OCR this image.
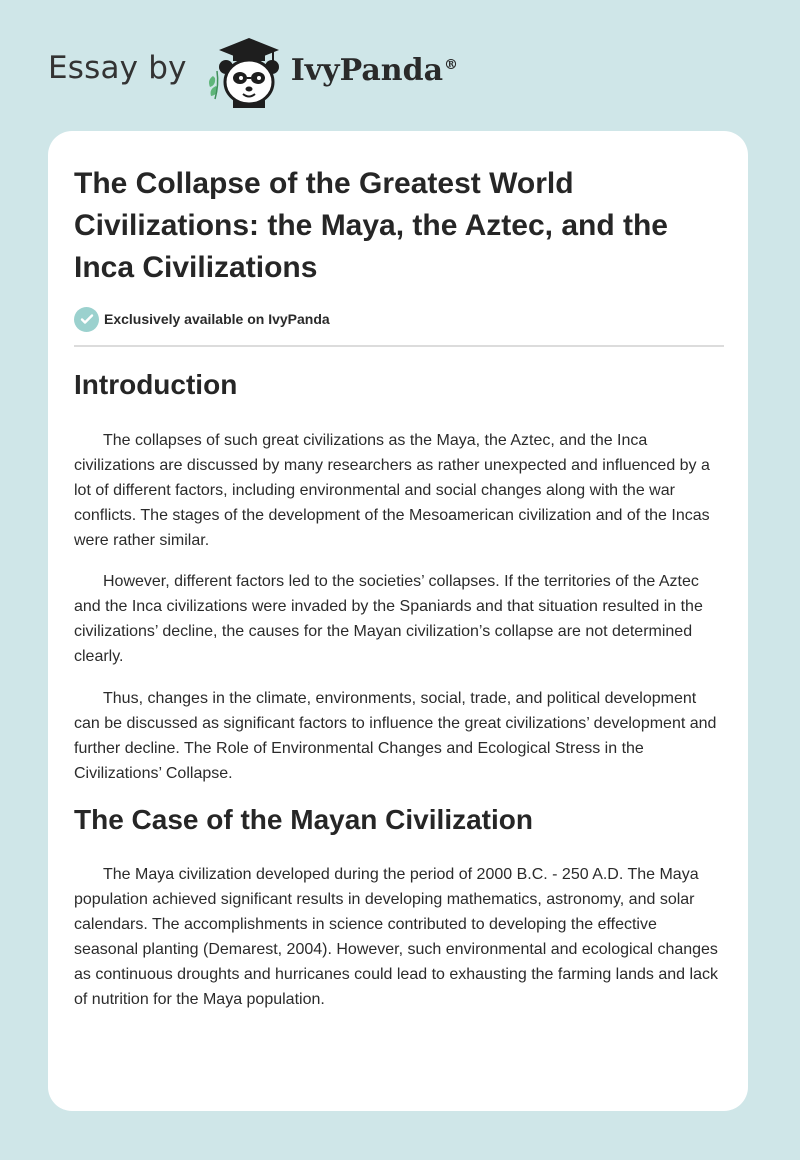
Essay by	IvyPanda®
The Collapse of the Greatest World Civilizations: the Maya, the Aztec, and the Inca Civilizations
Exclusively available on IvyPanda
Introduction

The collapses of such great civilizations as the Maya, the Aztec, and the Inca civilizations are discussed by many researchers as rather unexpected and influenced by a lot of different factors, including environmental and social changes along with the war conflicts. The stages of the development of the Mesoamerican civilization and of the Incas were rather similar.

However, different factors led to the societies’ collapses. If the territories of the Aztec and the Inca civilizations were invaded by the Spaniards and that situation resulted in the civilizations’ decline, the causes for the Mayan civilization’s collapse are not determined clearly.

Thus, changes in the climate, environments, social, trade, and political development can be discussed as significant factors to influence the great civilizations’ development and further decline. The Role of Environmental Changes and Ecological Stress in the Civilizations’ Collapse.

The Case of the Mayan Civilization

The Maya civilization developed during the period of 2000 B.C. - 250 A.D. The Maya population achieved significant results in developing mathematics, astronomy, and solar calendars. The accomplishments in science contributed to developing the effective seasonal planting (Demarest, 2004). However, such environmental and ecological changes as continuous droughts and hurricanes could lead to exhausting the farming lands and lack of nutrition for the Maya population.
